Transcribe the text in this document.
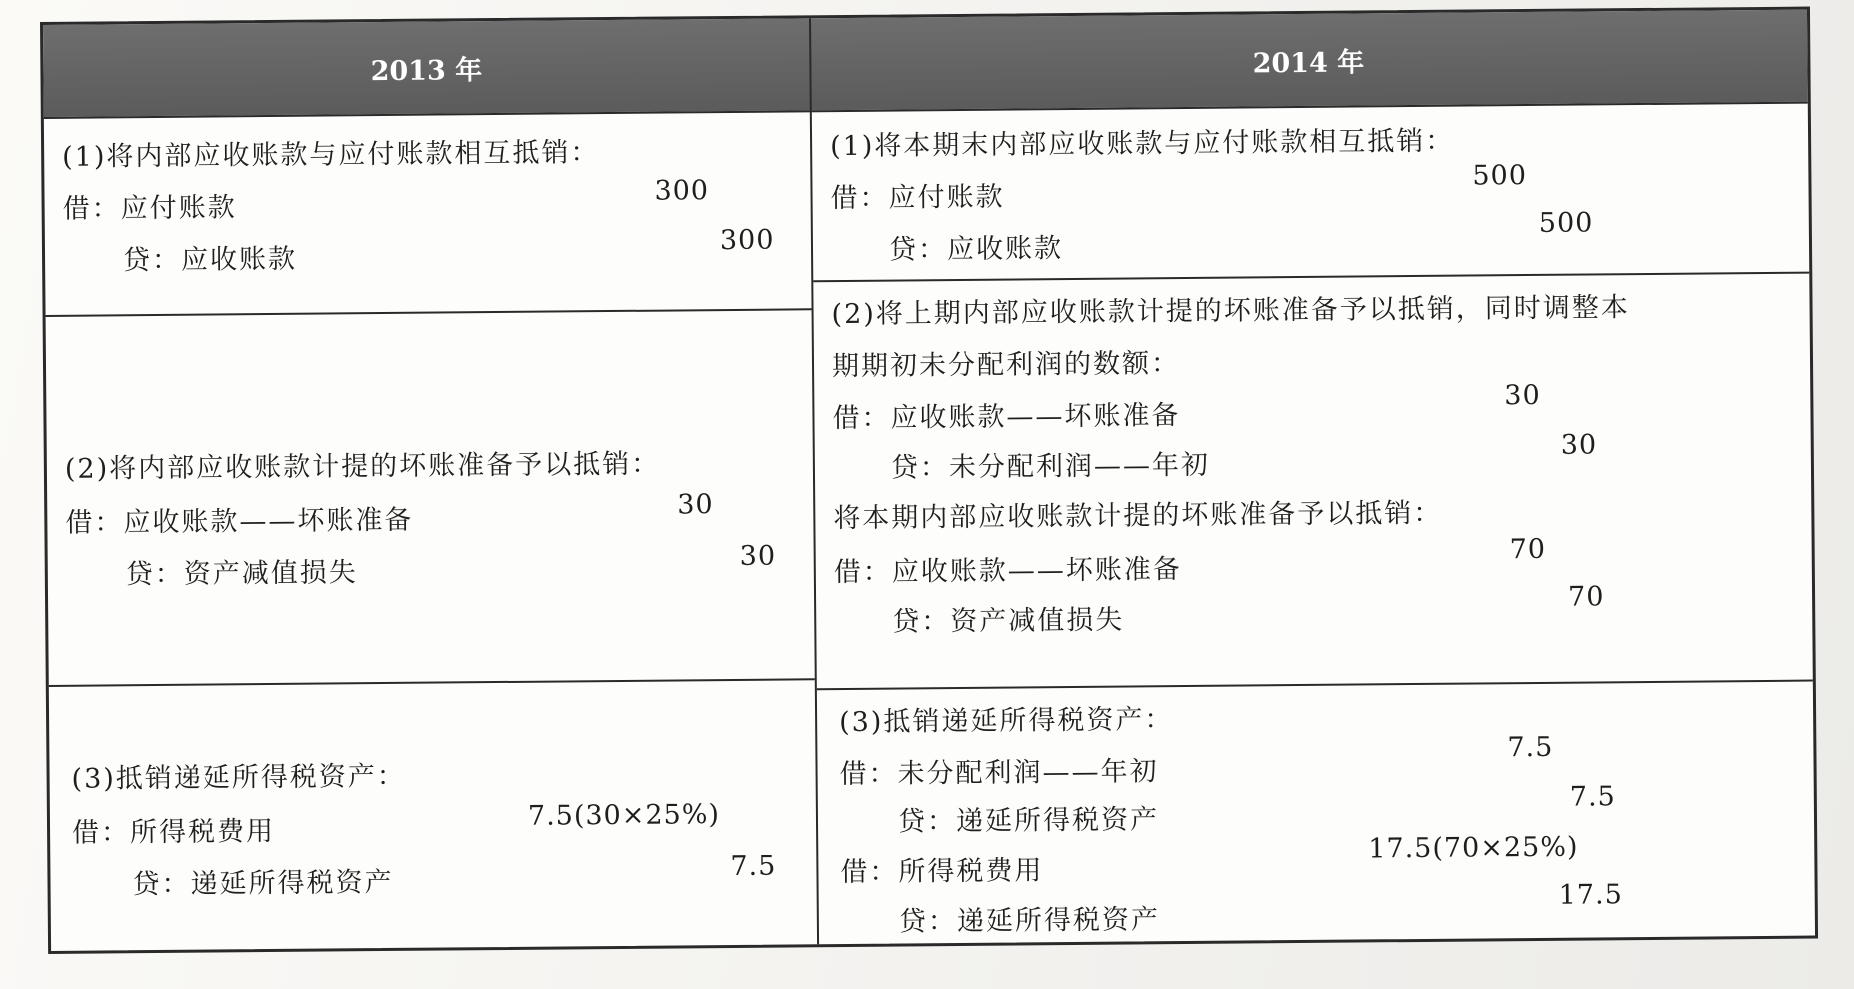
2013 年	2014 年
(1)将内部应收账款与应付账款相互抵销：
借：应付账款
300
贷：应收账款
300
(2)将内部应收账款计提的坏账准备予以抵销：
借：应收账款——坏账准备	30
贷：资产减值损失
30
(3)抵销递延所得税资产：
借：所得税费用
7.5(30×25%)
贷：递延所得税资产
7.5
(1)将本期末内部应收账款与应付账款相互抵销：
借：应付账款
500
贷：应收账款
500
(2)将上期内部应收账款计提的坏账准备予以抵销，同时调整本
期期初未分配利润的数额：
借：应收账款——坏账准备
30
贷：未分配利润——年初
30
将本期内部应收账款计提的坏账准备予以抵销：
借：应收账款——坏账准备
70
贷：资产减值损失
70
(3)抵销递延所得税资产：
借：未分配利润——年初
7.5
贷：递延所得税资产
7.5
借：所得税费用
17.5(70×25%)
贷：递延所得税资产
17.5
